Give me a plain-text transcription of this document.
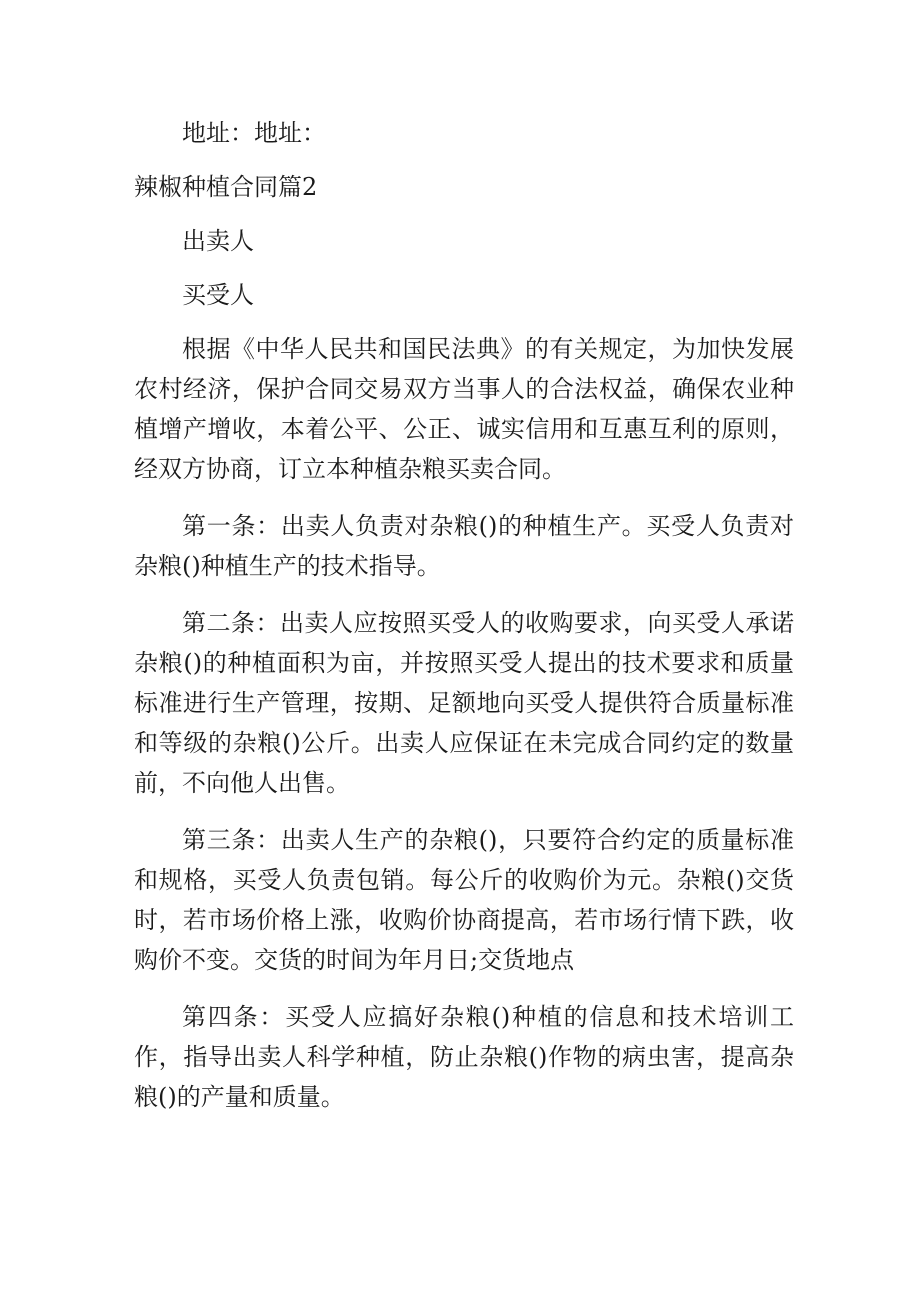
地址：地址：
辣椒种植合同篇2
出卖人
买受人

根据《中华人民共和国民法典》的有关规定，为加快发展农村经济，保护合同交易双方当事人的合法权益，确保农业种植增产增收，本着公平、公正、诚实信用和互惠互利的原则，经双方协商，订立本种植杂粮买卖合同。

第一条：出卖人负责对杂粮()的种植生产。买受人负责对杂粮()种植生产的技术指导。

第二条：出卖人应按照买受人的收购要求，向买受人承诺杂粮()的种植面积为亩，并按照买受人提出的技术要求和质量标准进行生产管理，按期、足额地向买受人提供符合质量标准和等级的杂粮()公斤。出卖人应保证在未完成合同约定的数量前，不向他人出售。

第三条：出卖人生产的杂粮()，只要符合约定的质量标准和规格，买受人负责包销。每公斤的收购价为元。杂粮()交货时，若市场价格上涨，收购价协商提高，若市场行情下跌，收购价不变。交货的时间为年月日;交货地点

第四条：买受人应搞好杂粮()种植的信息和技术培训工作，指导出卖人科学种植，防止杂粮()作物的病虫害，提高杂粮()的产量和质量。
